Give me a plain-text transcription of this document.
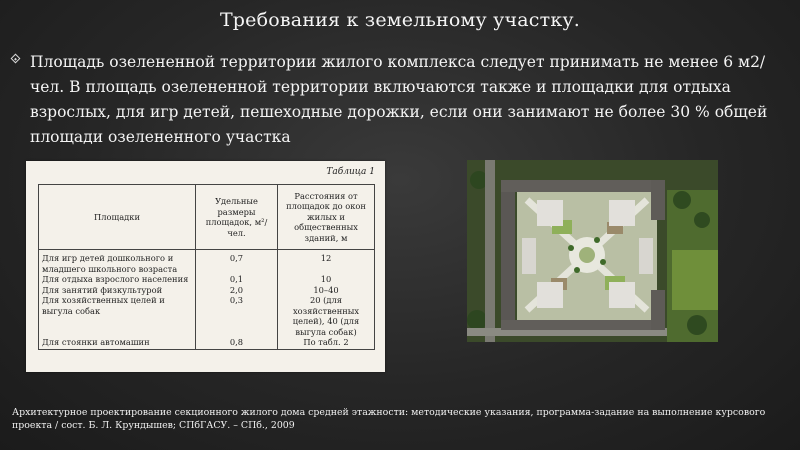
Требования к земельному участку.
Площадь озелененной территории жилого комплекса следует принимать не менее 6 м2/чел. В площадь озелененной территории включаются также и площадки для отдыха взрослых, для игр детей, пешеходные дорожки, если они занимают не более 30 % общей площади озелененного участка
Таблица 1
Площадки	Удельные размеры площадок, м²/чел.	Расстояния от площадок до окон жилых и общественных зданий, м
Для игр детей дошкольного и младшего школьного возраста	0,7	12
Для отдыха взрослого населения	0,1	10
Для занятий физкультурой	2,0	10–40
Для хозяйственных целей и выгула собак	0,3	20 (для хозяйственных целей), 40 (для выгула собак)
Для стоянки автомашин	0,8	По табл. 2
Архитектурное проектирование секционного жилого дома средней этажности: методические указания, программа-задание на выполнение курсового проекта / сост. Б. Л. Крундышев; СПбГАСУ. – СПб., 2009
